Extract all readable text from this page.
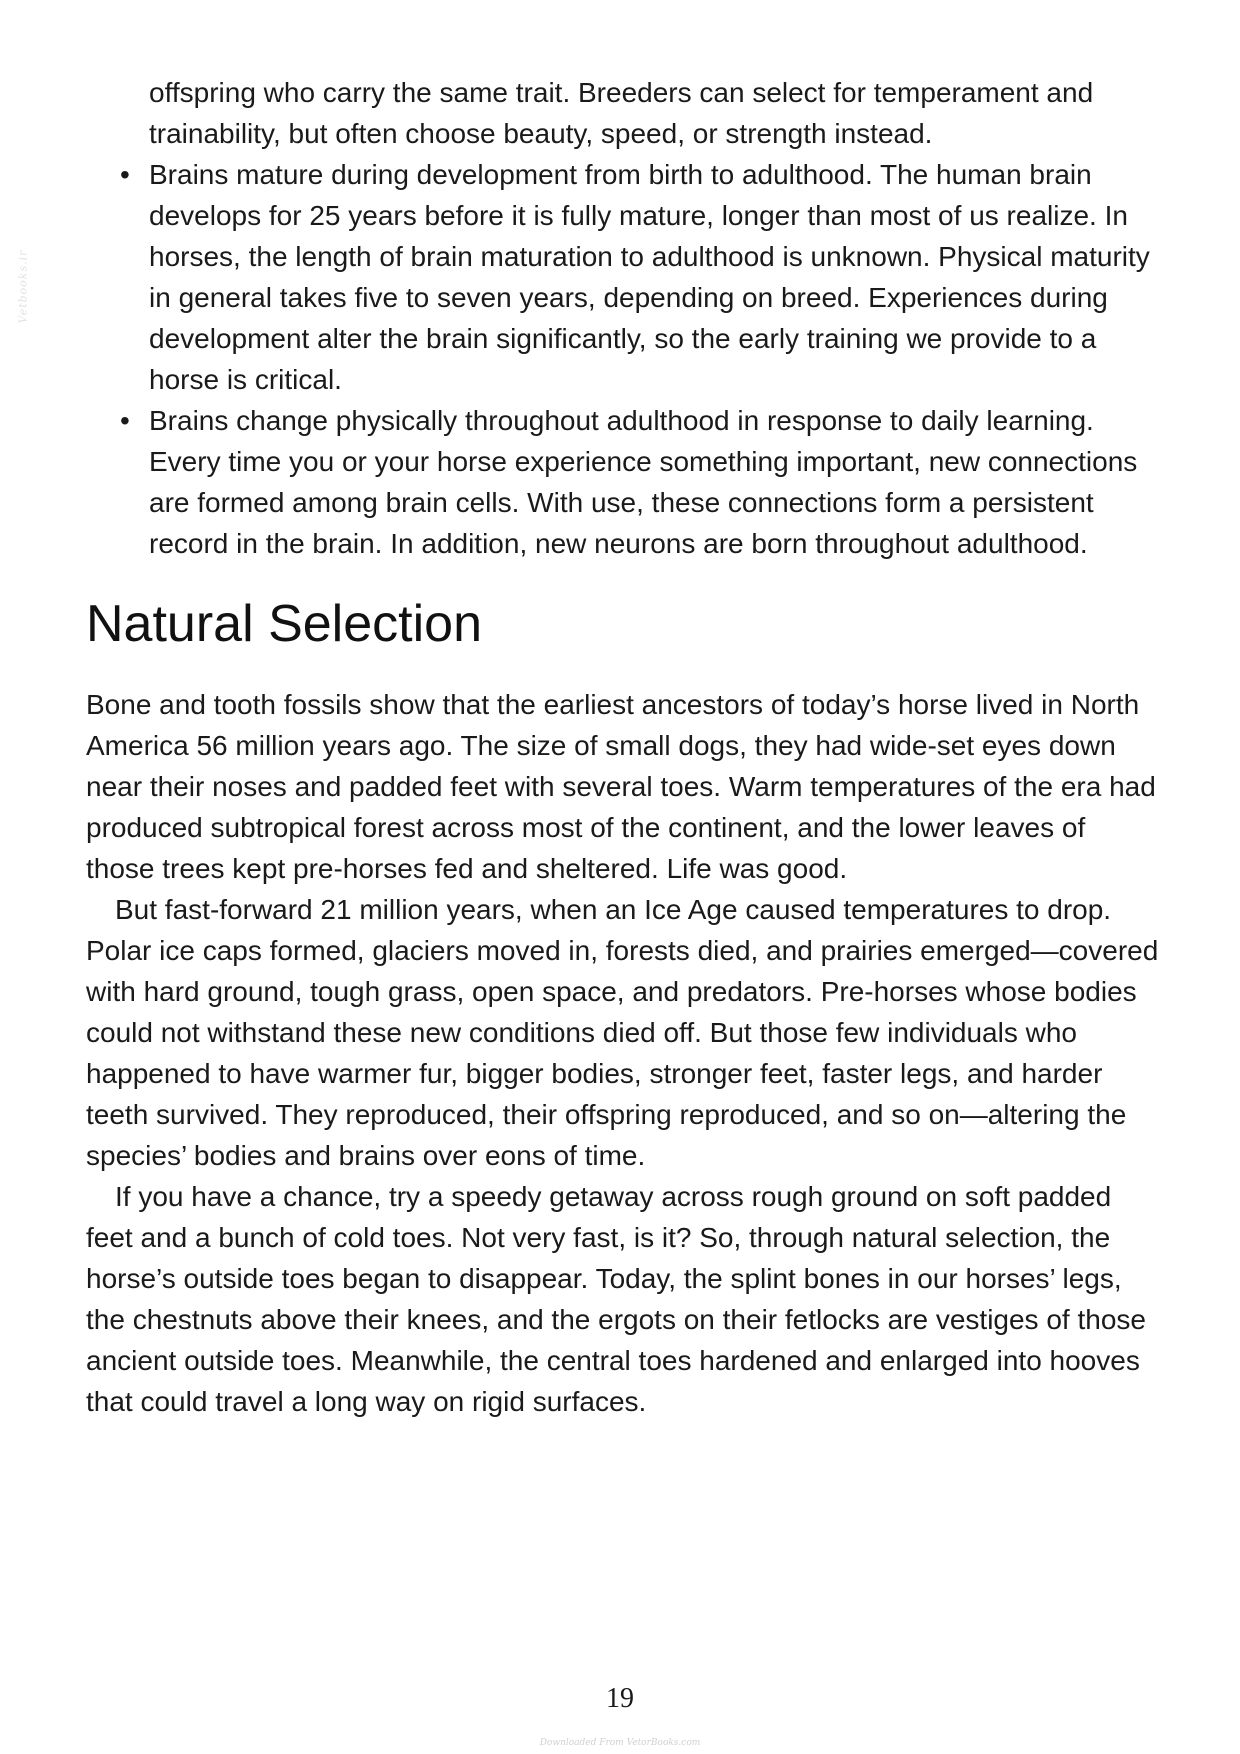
Vetbooks.ir

offspring who carry the same trait. Breeders can select for temperament and trainability, but often choose beauty, speed, or strength instead.

• Brains mature during development from birth to adulthood. The human brain develops for 25 years before it is fully mature, longer than most of us realize. In horses, the length of brain maturation to adulthood is unknown. Physical maturity in general takes five to seven years, depending on breed. Experiences during development alter the brain significantly, so the early training we provide to a horse is critical.
• Brains change physically throughout adulthood in response to daily learning. Every time you or your horse experience something important, new connections are formed among brain cells. With use, these connections form a persistent record in the brain. In addition, new neurons are born throughout adulthood.
Natural Selection

Bone and tooth fossils show that the earliest ancestors of today’s horse lived in North America 56 million years ago. The size of small dogs, they had wide-set eyes down near their noses and padded feet with several toes. Warm temperatures of the era had produced subtropical forest across most of the continent, and the lower leaves of those trees kept pre-horses fed and sheltered. Life was good.

But fast-forward 21 million years, when an Ice Age caused temperatures to drop. Polar ice caps formed, glaciers moved in, forests died, and prairies emerged—covered with hard ground, tough grass, open space, and predators. Pre-horses whose bodies could not withstand these new conditions died off. But those few individuals who happened to have warmer fur, bigger bodies, stronger feet, faster legs, and harder teeth survived. They reproduced, their offspring reproduced, and so on—altering the species’ bodies and brains over eons of time.

If you have a chance, try a speedy getaway across rough ground on soft padded feet and a bunch of cold toes. Not very fast, is it? So, through natural selection, the horse’s outside toes began to disappear. Today, the splint bones in our horses’ legs, the chestnuts above their knees, and the ergots on their fetlocks are vestiges of those ancient outside toes. Meanwhile, the central toes hardened and enlarged into hooves that could travel a long way on rigid surfaces.

19
Downloaded From VetorBooks.com
